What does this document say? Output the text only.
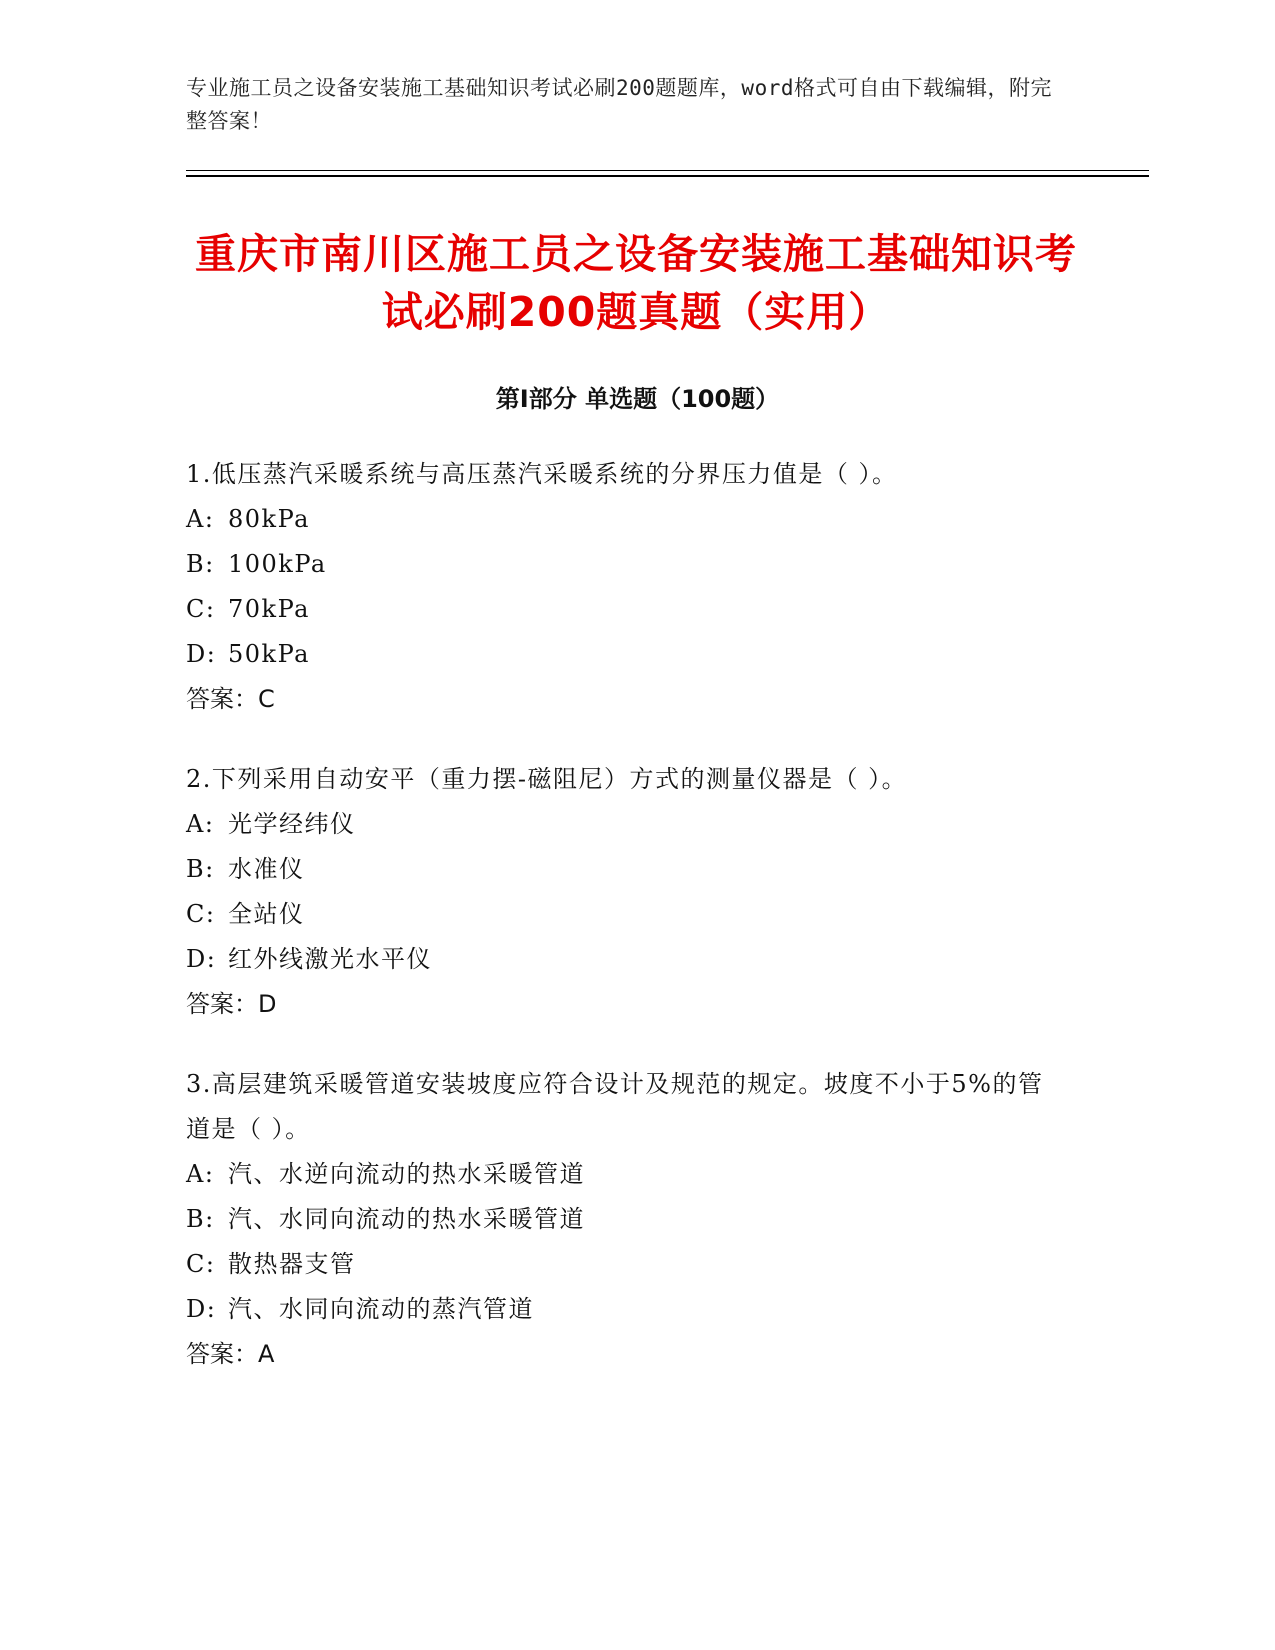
专业施工员之设备安装施工基础知识考试必刷200题题库，word格式可自由下载编辑，附完整答案！
重庆市南川区施工员之设备安装施工基础知识考试必刷200题真题（实用）
第Ⅰ部分 单选题（100题）
1.低压蒸汽采暖系统与高压蒸汽采暖系统的分界压力值是（ ）。
A: 80kPa
B: 100kPa
C: 70kPa
D: 50kPa
答案：C
2.下列采用自动安平（重力摆-磁阻尼）方式的测量仪器是（ ）。
A: 光学经纬仪
B: 水准仪
C: 全站仪
D: 红外线激光水平仪
答案：D
3.高层建筑采暖管道安装坡度应符合设计及规范的规定。坡度不小于5%的管道是（ ）。
A: 汽、水逆向流动的热水采暖管道
B: 汽、水同向流动的热水采暖管道
C: 散热器支管
D: 汽、水同向流动的蒸汽管道
答案：A
